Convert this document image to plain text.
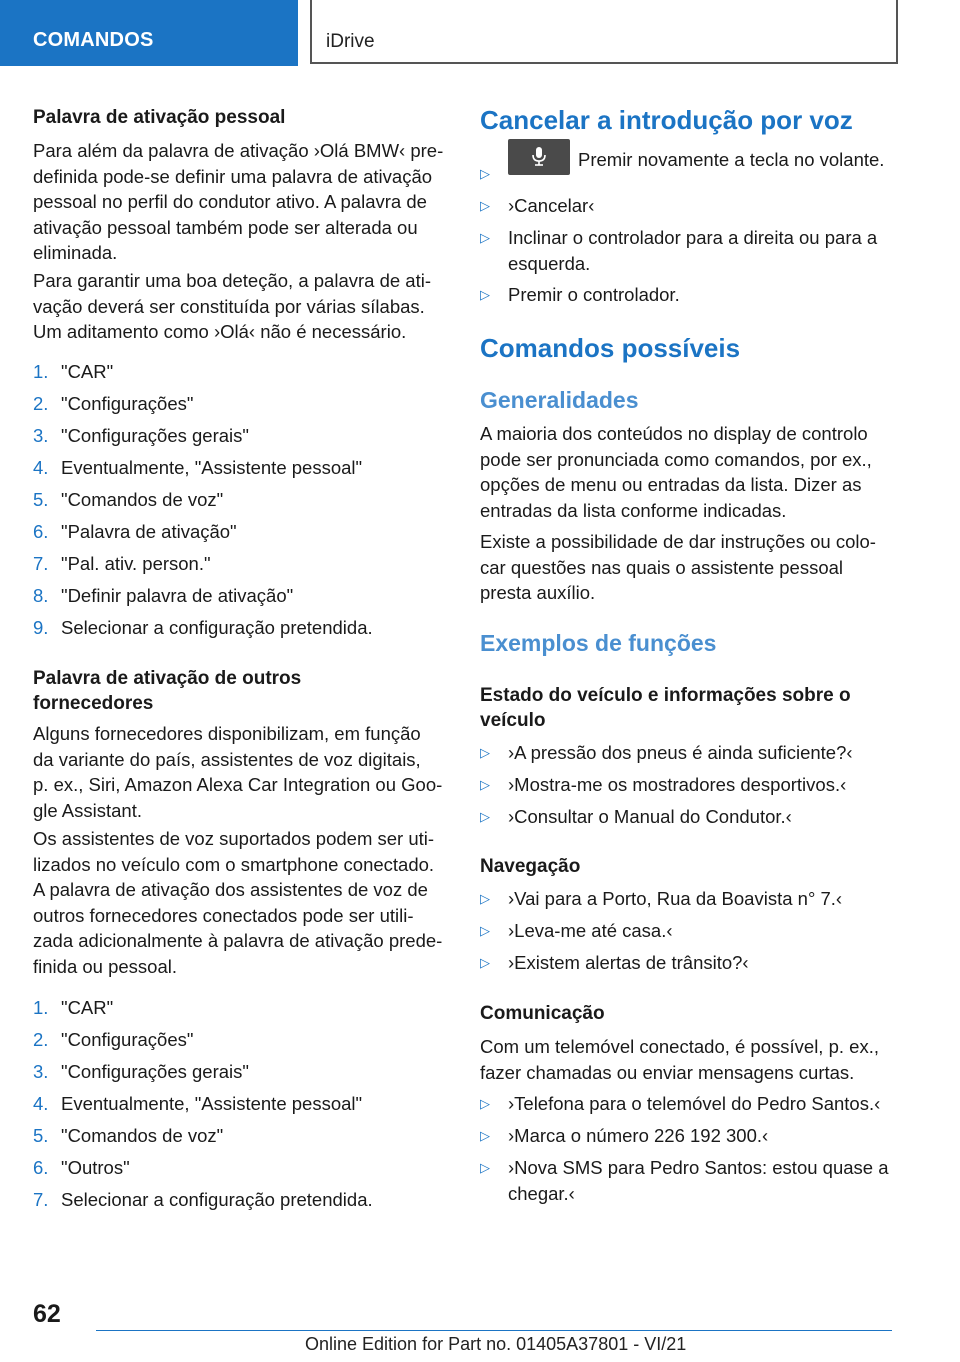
COMANDOS	iDrive

Palavra de ativação pessoal

Para além da palavra de ativação ›Olá BMW‹ pre-

definida pode-se definir uma palavra de ativação

pessoal no perfil do condutor ativo. A palavra de

ativação pessoal também pode ser alterada ou

eliminada.

Para garantir uma boa deteção, a palavra de ati-

vação deverá ser constituída por várias sílabas.

Um aditamento como ›Olá‹ não é necessário.

1. "CAR"
2. "Configurações"
3. "Configurações gerais"
4. Eventualmente, "Assistente pessoal"
5. "Comandos de voz"
6. "Palavra de ativação"
7. "Pal. ativ. person."
8. "Definir palavra de ativação"
9. Selecionar a configuração pretendida.

Palavra de ativação de outros

fornecedores

Alguns fornecedores disponibilizam, em função

da variante do país, assistentes de voz digitais,

p. ex., Siri, Amazon Alexa Car Integration ou Goo-

gle Assistant.

Os assistentes de voz suportados podem ser uti-

lizados no veículo com o smartphone conectado.

A palavra de ativação dos assistentes de voz de

outros fornecedores conectados pode ser utili-

zada adicionalmente à palavra de ativação prede-

finida ou pessoal.

1. "CAR"
2. "Configurações"
3. "Configurações gerais"
4. Eventualmente, "Assistente pessoal"
5. "Comandos de voz"
6. "Outros"
7. Selecionar a configuração pretendida.

Cancelar a introdução por voz

▷
Premir novamente a tecla no volante.
▷ ›Cancelar‹
▷ Inclinar o controlador para a direita ou para a

esquerda.

▷ Premir o controlador.

Comandos possíveis

Generalidades

A maioria dos conteúdos no display de controlo

pode ser pronunciada como comandos, por ex.,

opções de menu ou entradas da lista. Dizer as

entradas da lista conforme indicadas.

Existe a possibilidade de dar instruções ou colo-

car questões nas quais o assistente pessoal

presta auxílio.

Exemplos de funções

Estado do veículo e informações sobre o

veículo

▷ ›A pressão dos pneus é ainda suficiente?‹
▷ ›Mostra-me os mostradores desportivos.‹
▷ ›Consultar o Manual do Condutor.‹

Navegação

▷ ›Vai para a Porto, Rua da Boavista n° 7.‹
▷ ›Leva-me até casa.‹
▷ ›Existem alertas de trânsito?‹

Comunicação

Com um telemóvel conectado, é possível, p. ex.,

fazer chamadas ou enviar mensagens curtas.

▷ ›Telefona para o telemóvel do Pedro Santos.‹
▷ ›Marca o número 226 192 300.‹
▷ ›Nova SMS para Pedro Santos: estou quase a

chegar.‹

62
Online Edition for Part no. 01405A37801 - VI/21
